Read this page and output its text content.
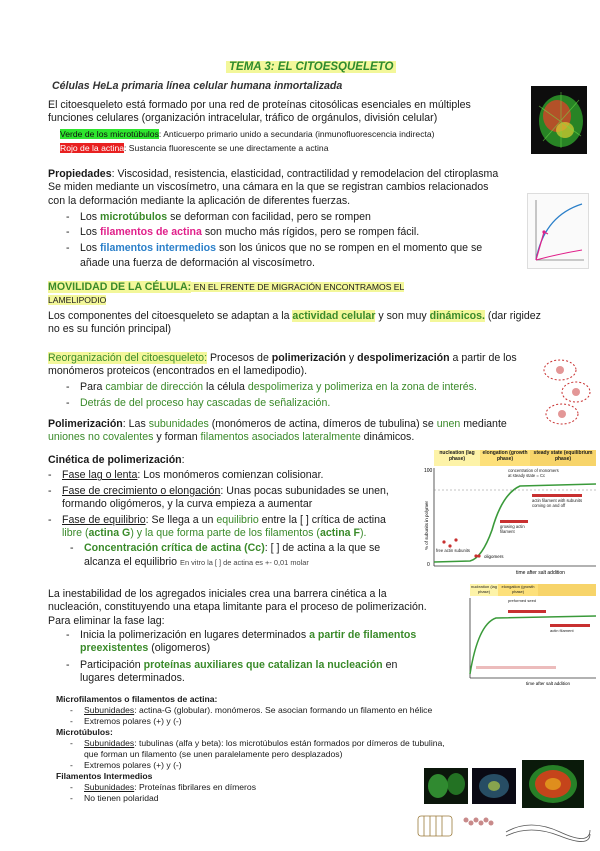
TEMA 3: EL CITOESQUELETO
Células HeLa primaria línea celular humana inmortalizada
El citoesqueleto está formado por una red de proteínas citosólicas esenciales en múltiples
funciones celulares (organización intracelular, tráfico de orgánulos, división celular)
Verde de los microtúbulos: Anticuerpo primario unido a secundaria (inmunofluorescencia indirecta)
Rojo de la actina: Sustancia fluorescente se une directamente a actina
Propiedades: Viscosidad, resistencia, elasticidad, contractilidad y remodelacion del ctiroplasma
Se miden mediante un viscosímetro, una cámara en la que se registran cambios relacionados
con la deformación mediante la aplicación de diferentes fuerzas.
- Los microtúbulos se deforman con facilidad, pero se rompen
- Los filamentos de actina son mucho más rígidos, pero se rompen fácil.
- Los filamentos intermedios son los únicos que no se rompen en el momento que se
añade una fuerza de deformación al viscosímetro.
MOVILIDAD DE LA CÉLULA: EN EL FRENTE DE MIGRACIÓN ENCONTRAMOS EL
LAMELIPODIO
Los componentes del citoesqueleto se adaptan a la actividad celular y son muy dinámicos. (dar rigidez
no es su función principal)
Reorganización del citoesqueleto: Procesos de polimerización y despolimerización a partir de los
monómeros proteicos (encontrados en el lamedipodio).
- Para cambiar de dirección la célula despolimeriza y polimeriza en la zona de interés.
- Detrás de del proceso hay cascadas de señalización.
Polimerización: Las subunidades (monómeros de actina, dímeros de tubulina) se unen mediante
uniones no covalentes y forman filamentos asociados lateralmente dinámicos.
Cinética de polimerización:
- Fase lag o lenta: Los monómeros comienzan colisionar.
- Fase de crecimiento o elongación: Unas pocas subunidades se unen,
formando oligómeros, y la curva empieza a aumentar
- Fase de equilibrio: Se llega a un equilibrio entre la [ ] crítica de actina
libre (actina G) y la que forma parte de los filamentos (actina F).
- Concentración crítica de actina (Cc): [ ] de actina a la que se
alcanza el equilibrio En vitro la [ ] de actina es +- 0,01 molar
nucleation (lag phase)
elongation (growth phase)
steady state (equilibrium phase)
100
0
% of subunits in polymer
concentration of monomers at steady state = Cc
actin filament with subunits coming on and off
growing actin filament
free actin subunits
oligomers
time after salt addition
La inestabilidad de los agregados iniciales crea una barrera cinética a la
nucleación, constituyendo una etapa limitante para el proceso de polimerización.
Para eliminar la fase lag:
- Inicia la polimerización en lugares determinados a partir de filamentos
preexistentes (oligomeros)
- Participación proteínas auxiliares que catalizan la nucleación en
lugares determinados.
nucleation (lag phase)
elongation (growth phase)
preformed seed
actin filament
time after salt addition
Microfilamentos o filamentos de actina:
- Subunidades: actina-G (globular). monómeros. Se asocian formando un filamento en hélice
- Extremos polares (+) y (-)
Microtúbulos:
- Subunidades: tubulinas (alfa y beta): los microtúbulos están formados por dímeros de tubulina,
que forman un filamento (se unen paralelamente pero desplazados)
- Extremos polares (+) y (-)
Filamentos Intermedios
- Subunidades: Proteínas fibrilares en dímeros
- No tienen polaridad
